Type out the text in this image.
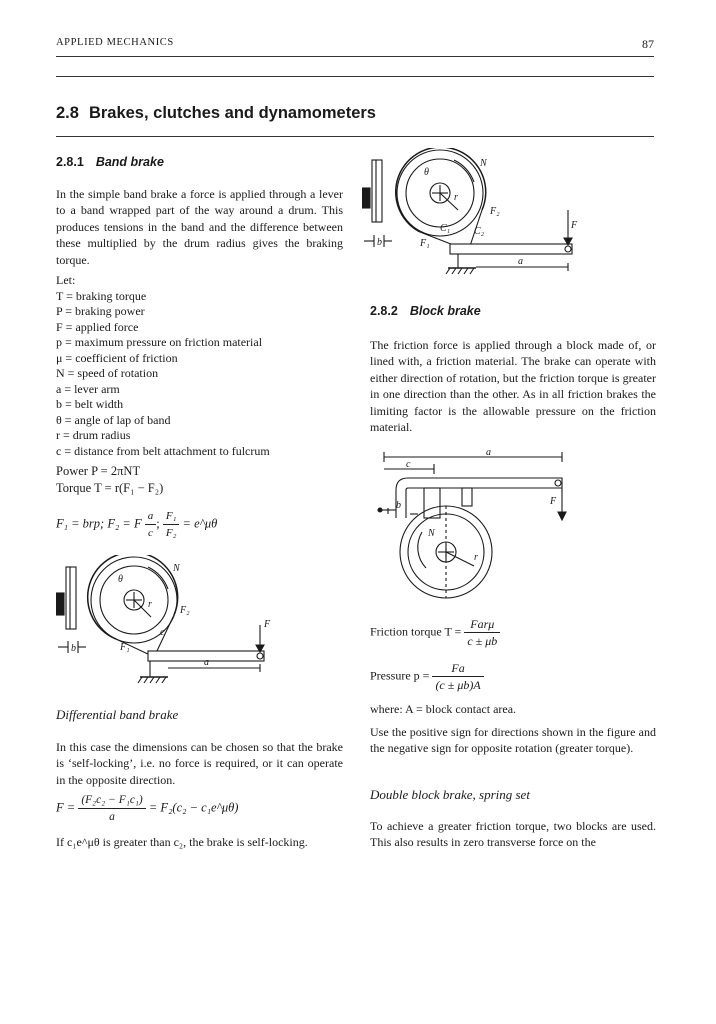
APPLIED MECHANICS	87
2.8 Brakes, clutches and dynamometers
2.8.1 Band brake
In the simple band brake a force is applied through a lever to a band wrapped part of the way around a drum. This produces tensions in the band and the difference between these multiplied by the drum radius gives the braking torque.
Let:
T = braking torque
P = braking power
F = applied force
p = maximum pressure on friction material
μ = coefficient of friction
N = speed of rotation
a = lever arm
b = belt width
θ = angle of lap of band
r = drum radius
c = distance from belt attachment to fulcrum
Power P = 2πNT
Torque T = r(F₁ − F₂)
F₁ = brp; F₂ = F $\frac{a}{c}$ ; $\frac{\text{F₁}}{\text{F₂}}$ = e^μθ
θ
N
r
F₂
c
F
b	F₁
a
Differential band brake
In this case the dimensions can be chosen so that the brake is ‘self-locking’, i.e. no force is required, or it can operate in the opposite direction.
$F = \frac{\text{(F₂c₂ − F₁c₁)}}{a} = F_2(c_2$ − c₁e^μθ)
If c₁e^μθ is greater than c₂, the brake is self-locking.
θ
N
r
F₂
C₁ C₂
F
b	F₁
a
2.8.2 Block brake
The friction force is applied through a block made of, or lined with, a friction material. The brake can operate with either direction of rotation, but the friction torque is greater in one direction than the other. As in all friction brakes the limiting factor is the allowable pressure on the friction material.
a
c
F
b
N
r
Friction torque $T = \frac{\text{Farμ}}{c \pm \mu b}$
Pressure $p = \frac{Fa}{(c \pm \mu b)A}$
where: A = block contact area.
Use the positive sign for directions shown in the figure and the negative sign for opposite rotation (greater torque).
Double block brake, spring set
To achieve a greater friction torque, two blocks are used. This also results in zero transverse force on the
